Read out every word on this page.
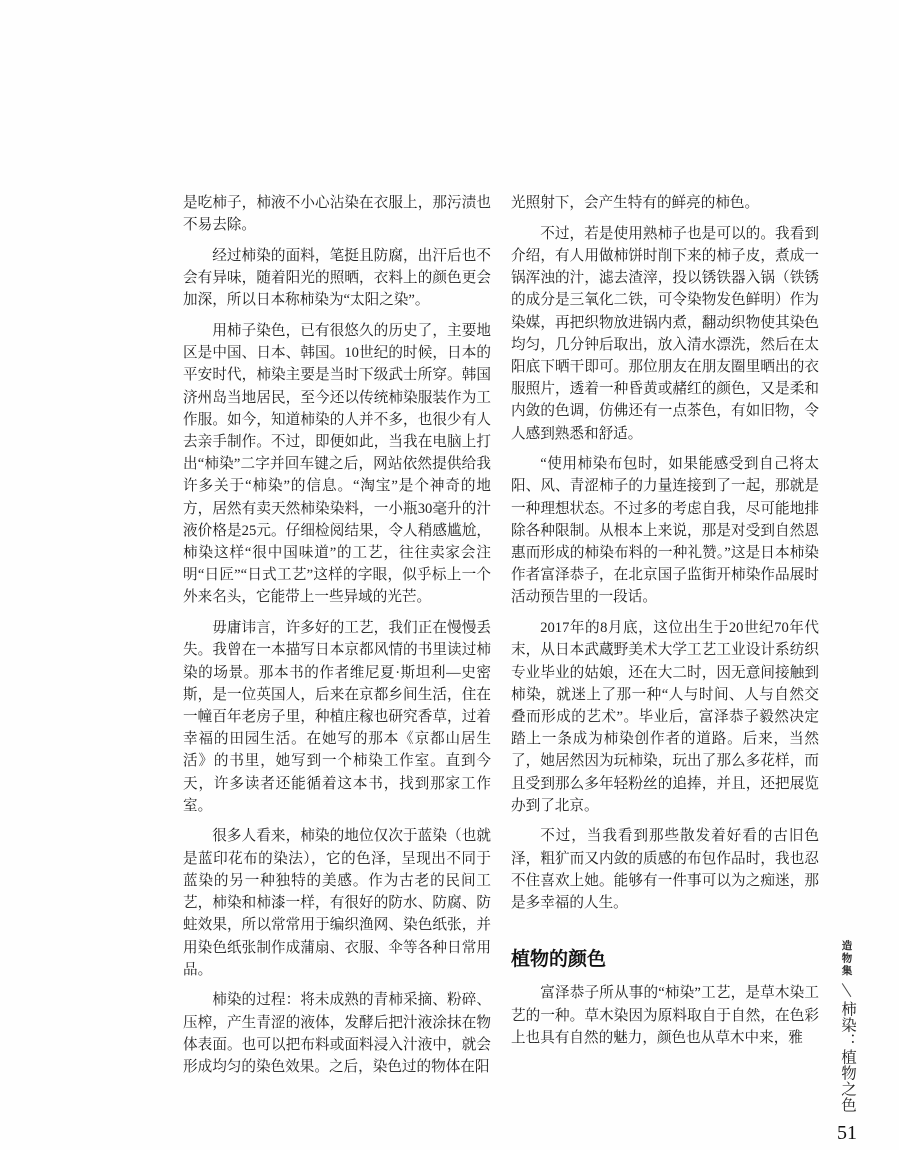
是吃柿子，柿液不小心沾染在衣服上，那污渍也不易去除。

经过柿染的面料，笔挺且防腐，出汗后也不会有异味，随着阳光的照晒，衣料上的颜色更会加深，所以日本称柿染为“太阳之染”。

用柿子染色，已有很悠久的历史了，主要地区是中国、日本、韩国。10世纪的时候，日本的平安时代，柿染主要是当时下级武士所穿。韩国济州岛当地居民，至今还以传统柿染服装作为工作服。如今，知道柿染的人并不多，也很少有人去亲手制作。不过，即便如此，当我在电脑上打出“柿染”二字并回车键之后，网站依然提供给我许多关于“柿染”的信息。“淘宝”是个神奇的地方，居然有卖天然柿染染料，一小瓶30毫升的汁液价格是25元。仔细检阅结果，令人稍感尴尬，柿染这样“很中国味道”的工艺，往往卖家会注明“日匠”“日式工艺”这样的字眼，似乎标上一个外来名头，它能带上一些异域的光芒。

毋庸讳言，许多好的工艺，我们正在慢慢丢失。我曾在一本描写日本京都风情的书里读过柿染的场景。那本书的作者维尼夏·斯坦利—史密斯，是一位英国人，后来在京都乡间生活，住在一幢百年老房子里，种植庄稼也研究香草，过着幸福的田园生活。在她写的那本《京都山居生活》的书里，她写到一个柿染工作室。直到今天，许多读者还能循着这本书，找到那家工作室。

很多人看来，柿染的地位仅次于蓝染（也就是蓝印花布的染法），它的色泽，呈现出不同于蓝染的另一种独特的美感。作为古老的民间工艺，柿染和柿漆一样，有很好的防水、防腐、防蛀效果，所以常常用于编织渔网、染色纸张，并用染色纸张制作成蒲扇、衣服、伞等各种日常用品。

柿染的过程：将未成熟的青柿采摘、粉碎、压榨，产生青涩的液体，发酵后把汁液涂抹在物体表面。也可以把布料或面料浸入汁液中，就会形成均匀的染色效果。之后，染色过的物体在阳

光照射下，会产生特有的鲜亮的柿色。

不过，若是使用熟柿子也是可以的。我看到介绍，有人用做柿饼时削下来的柿子皮，煮成一锅浑浊的汁，滤去渣滓，投以锈铁器入锅（铁锈的成分是三氧化二铁，可令染物发色鲜明）作为染媒，再把织物放进锅内煮，翻动织物使其染色均匀，几分钟后取出，放入清水漂洗，然后在太阳底下晒干即可。那位朋友在朋友圈里晒出的衣服照片，透着一种昏黄或赭红的颜色，又是柔和内敛的色调，仿佛还有一点茶色，有如旧物，令人感到熟悉和舒适。

“使用柿染布包时，如果能感受到自己将太阳、风、青涩柿子的力量连接到了一起，那就是一种理想状态。不过多的考虑自我，尽可能地排除各种限制。从根本上来说，那是对受到自然恩惠而形成的柿染布料的一种礼赞。”这是日本柿染作者富泽恭子，在北京国子监街开柿染作品展时活动预告里的一段话。

2017年的8月底，这位出生于20世纪70年代末，从日本武蔵野美术大学工艺工业设计系纺织专业毕业的姑娘，还在大二时，因无意间接触到柿染，就迷上了那一种“人与时间、人与自然交叠而形成的艺术”。毕业后，富泽恭子毅然决定踏上一条成为柿染创作者的道路。后来，当然了，她居然因为玩柿染，玩出了那么多花样，而且受到那么多年轻粉丝的追捧，并且，还把展览办到了北京。

不过，当我看到那些散发着好看的古旧色泽，粗犷而又内敛的质感的布包作品时，我也忍不住喜欢上她。能够有一件事可以为之痴迷，那是多幸福的人生。

植物的颜色

富泽恭子所从事的“柿染”工艺，是草木染工艺的一种。草木染因为原料取自于自然，在色彩上也具有自然的魅力，颜色也从草木中来，雅

造物集
柿染：植物之色
51
